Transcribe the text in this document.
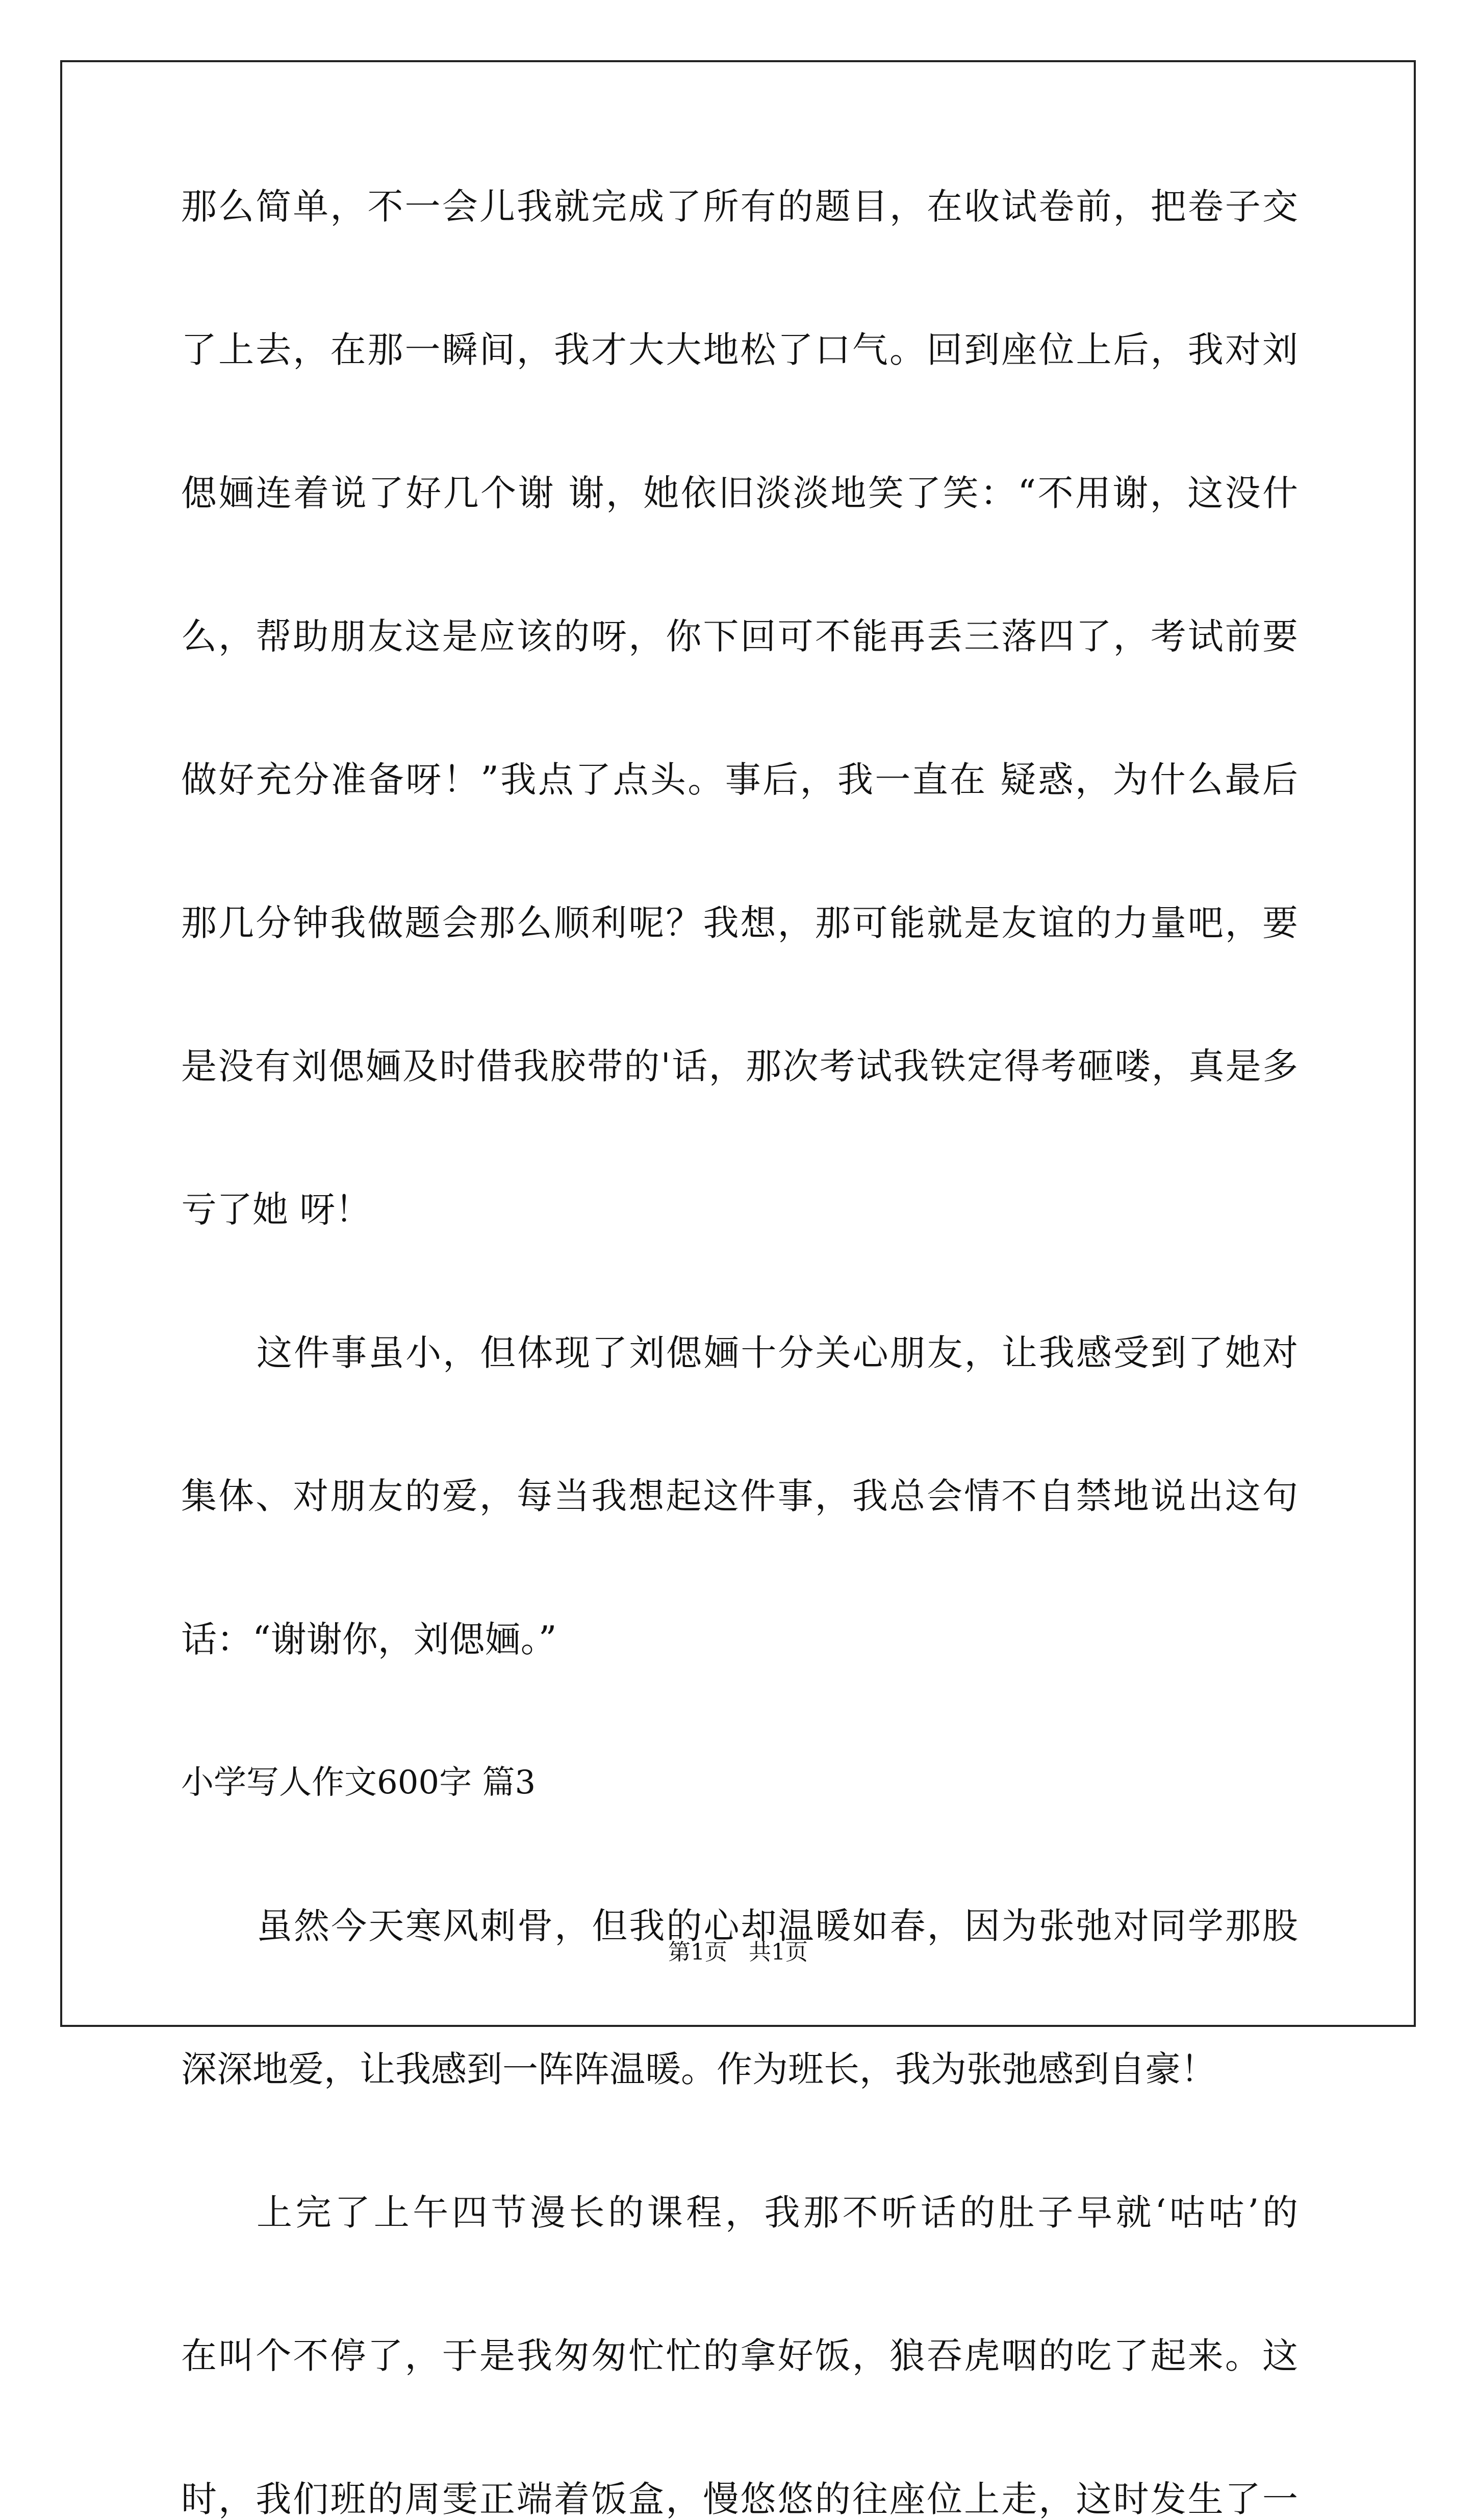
那么简单，不一会儿我就完成了所有的题目，在收试卷前，把卷子交
了上去，在那一瞬间，我才大大地松了口气。回到座位上后，我对刘
偲婳连着说了好几个谢 谢，她依旧淡淡地笑了笑：“不用谢，这没什
么，帮助朋友这是应该的呀，你下回可不能再丢三落四了，考试前要
做好充分准备呀！”我点了点头。事后，我一直在 疑惑，为什么最后
那几分钟我做题会那么顺利呢？我想，那可能就是友谊的力量吧，要
是没有刘偲婳及时借我胶带的'话，那次考试我铁定得考砸喽，真是多
亏了她 呀！
这件事虽小，但体现了刘偲婳十分关心朋友，让我感受到了她对
集体、对朋友的爱，每当我想起这件事，我总会情不自禁地说出这句
话：“谢谢你，刘偲婳。”
小学写人作文600字 篇3
虽然今天寒风刺骨，但我的心却温暖如春，因为张弛对同学那股
深深地爱，让我感到一阵阵温暖。作为班长，我为张弛感到自豪！
上完了上午四节漫长的课程，我那不听话的肚子早就‘咕咕’的
在叫个不停了，于是我匆匆忙忙的拿好饭，狼吞虎咽的吃了起来。这
时，我们班的周雯正端着饭盒，慢悠悠的往座位上走，这时发生了一
第1页   共1页
